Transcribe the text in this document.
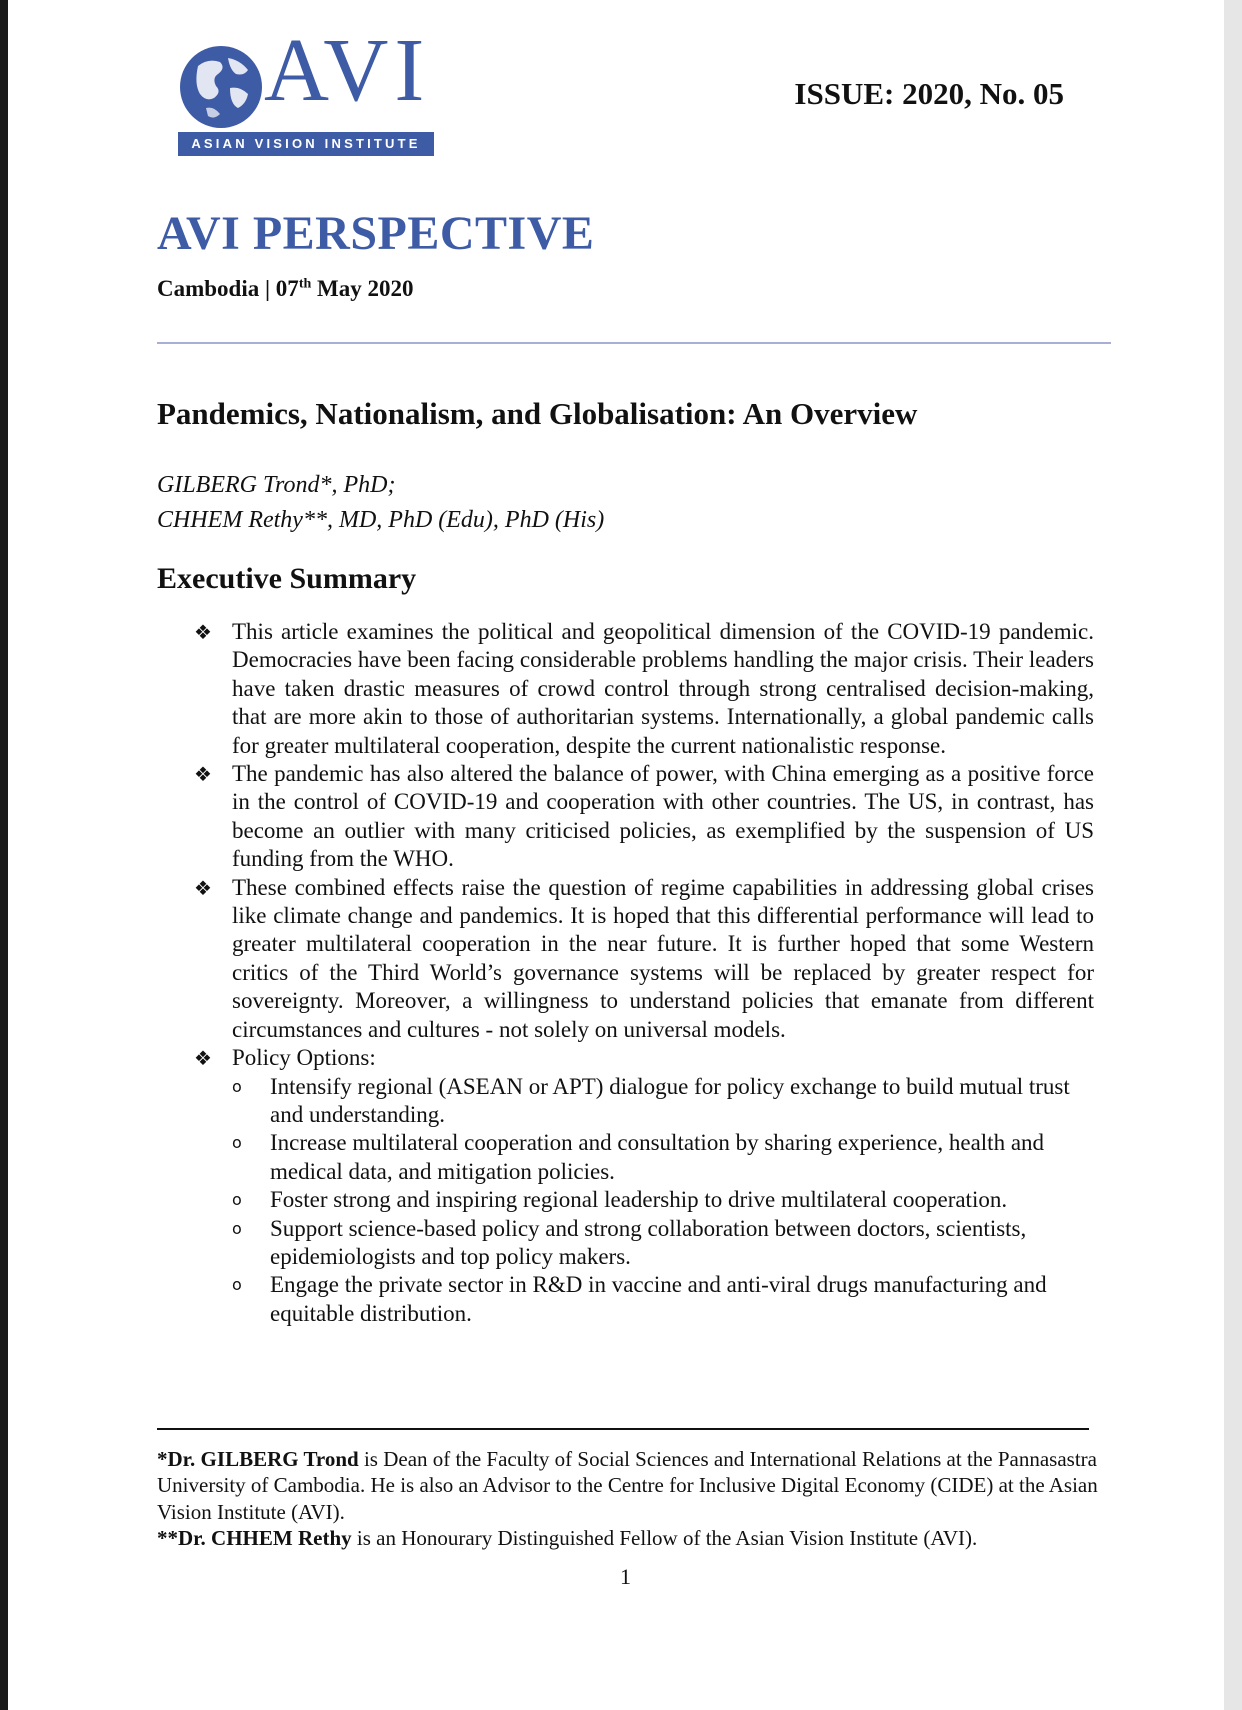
AVI
ASIAN VISION INSTITUTE
ISSUE: 2020, No. 05
AVI PERSPECTIVE
Cambodia | 07th May 2020
Pandemics, Nationalism, and Globalisation: An Overview
GILBERG Trond*, PhD;
CHHEM Rethy**, MD, PhD (Edu), PhD (His)
Executive Summary
❖ This article examines the political and geopolitical dimension of the COVID-19 pandemic. Democracies have been facing considerable problems handling the major crisis. Their leaders have taken drastic measures of crowd control through strong centralised decision-making, that are more akin to those of authoritarian systems. Internationally, a global pandemic calls for greater multilateral cooperation, despite the current nationalistic response.
❖ The pandemic has also altered the balance of power, with China emerging as a positive force in the control of COVID-19 and cooperation with other countries. The US, in contrast, has become an outlier with many criticised policies, as exemplified by the suspension of US funding from the WHO.
❖ These combined effects raise the question of regime capabilities in addressing global crises like climate change and pandemics. It is hoped that this differential performance will lead to greater multilateral cooperation in the near future. It is further hoped that some Western critics of the Third World’s governance systems will be replaced by greater respect for sovereignty. Moreover, a willingness to understand policies that emanate from different circumstances and cultures - not solely on universal models.
❖ Policy Options:
o Intensify regional (ASEAN or APT) dialogue for policy exchange to build mutual trust and understanding.
o Increase multilateral cooperation and consultation by sharing experience, health and medical data, and mitigation policies.
o Foster strong and inspiring regional leadership to drive multilateral cooperation.
o Support science-based policy and strong collaboration between doctors, scientists, epidemiologists and top policy makers.
o Engage the private sector in R&D in vaccine and anti-viral drugs manufacturing and equitable distribution.

*Dr. GILBERG Trond is Dean of the Faculty of Social Sciences and International Relations at the Pannasastra University of Cambodia. He is also an Advisor to the Centre for Inclusive Digital Economy (CIDE) at the Asian Vision Institute (AVI).

**Dr. CHHEM Rethy is an Honourary Distinguished Fellow of the Asian Vision Institute (AVI).

1
